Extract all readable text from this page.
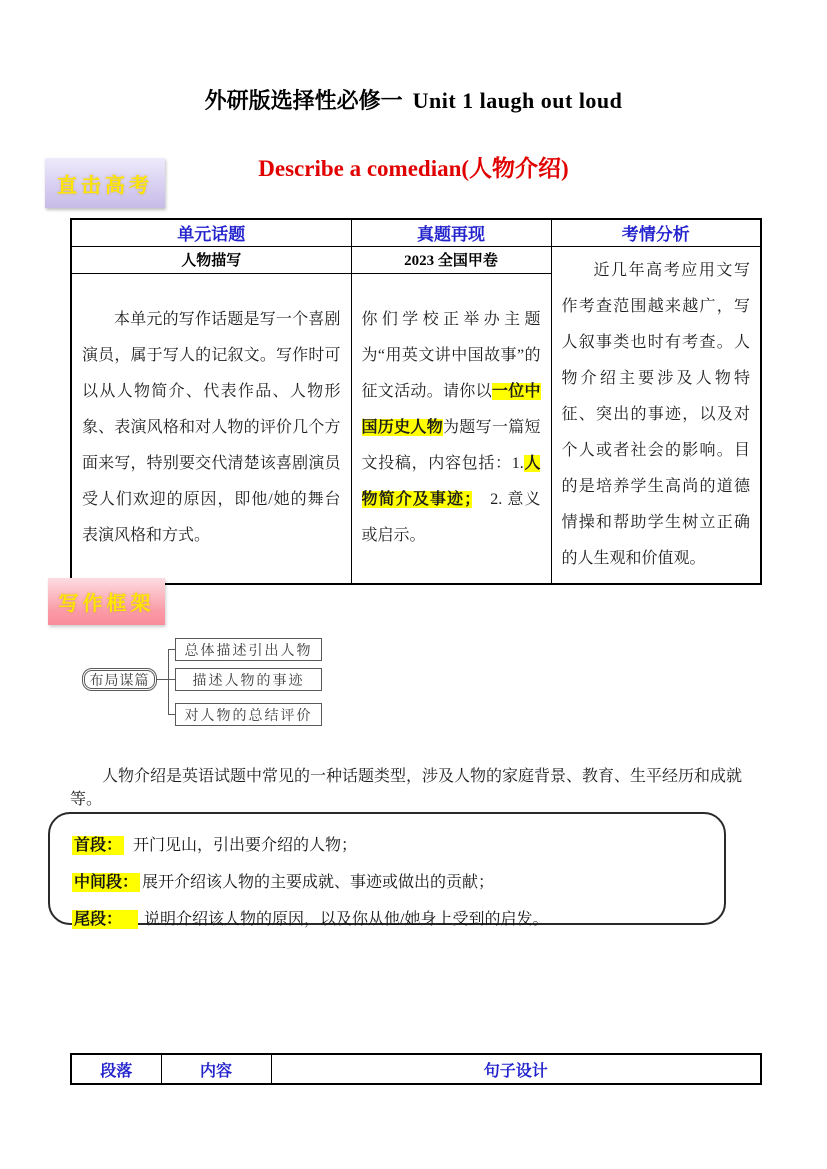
外研版选择性必修一 Unit 1 laugh out loud
直击高考
Describe a comedian(人物介绍)
单元话题	真题再现	考情分析
人物描写	2023 全国甲卷	近几年高考应用文写作考查范围越来越广，写人叙事类也时有考查。人物介绍主要涉及人物特征、突出的事迹，以及对个人或者社会的影响。目的是培养学生高尚的道德情操和帮助学生树立正确的人生观和价值观。
本单元的写作话题是写一个喜剧演员，属于写人的记叙文。写作时可以从人物简介、代表作品、人物形象、表演风格和对人物的评价几个方面来写，特别要交代清楚该喜剧演员受人们欢迎的原因，即他/她的舞台表演风格和方式。	你们学校正举办主题为“用英文讲中国故事”的征文活动。请你以一位中国历史人物为题写一篇短文投稿，内容包括：1.人物简介及事迹；　2. 意义或启示。	
写作框架
布局谋篇
总体描述引出人物
描述人物的事迹
对人物的总结评价

人物介绍是英语试题中常见的一种话题类型，涉及人物的家庭背景、教育、生平经历和成就等。

首段： 开门见山，引出要介绍的人物；
中间段： 展开介绍该人物的主要成就、事迹或做出的贡献；
尾段： 说明介绍该人物的原因，以及你从他/她身上受到的启发。
段落	内容	句子设计
